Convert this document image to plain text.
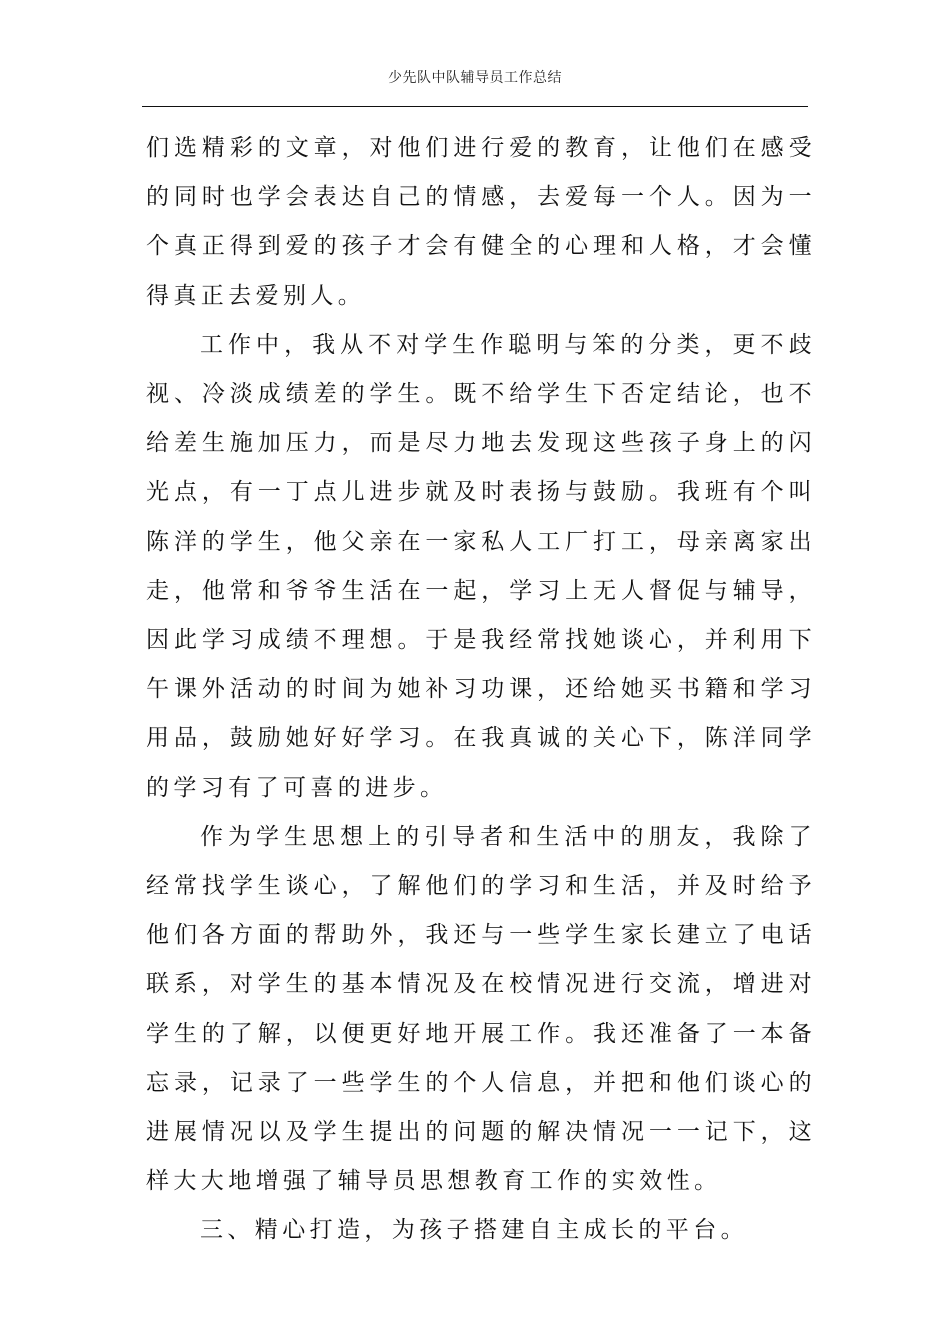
少先队中队辅导员工作总结

们选精彩的文章，对他们进行爱的教育，让他们在感受的同时也学会表达自己的情感，去爱每一个人。因为一个真正得到爱的孩子才会有健全的心理和人格，才会懂得真正去爱别人。

工作中，我从不对学生作聪明与笨的分类，更不歧视、冷淡成绩差的学生。既不给学生下否定结论，也不给差生施加压力，而是尽力地去发现这些孩子身上的闪光点，有一丁点儿进步就及时表扬与鼓励。我班有个叫陈洋的学生，他父亲在一家私人工厂打工，母亲离家出走，他常和爷爷生活在一起，学习上无人督促与辅导，因此学习成绩不理想。于是我经常找她谈心，并利用下午课外活动的时间为她补习功课，还给她买书籍和学习用品，鼓励她好好学习。在我真诚的关心下，陈洋同学的学习有了可喜的进步。

作为学生思想上的引导者和生活中的朋友，我除了经常找学生谈心，了解他们的学习和生活，并及时给予他们各方面的帮助外，我还与一些学生家长建立了电话联系，对学生的基本情况及在校情况进行交流，增进对学生的了解，以便更好地开展工作。我还准备了一本备忘录，记录了一些学生的个人信息，并把和他们谈心的进展情况以及学生提出的问题的解决情况一一记下，这样大大地增强了辅导员思想教育工作的实效性。

三、精心打造，为孩子搭建自主成长的平台。
